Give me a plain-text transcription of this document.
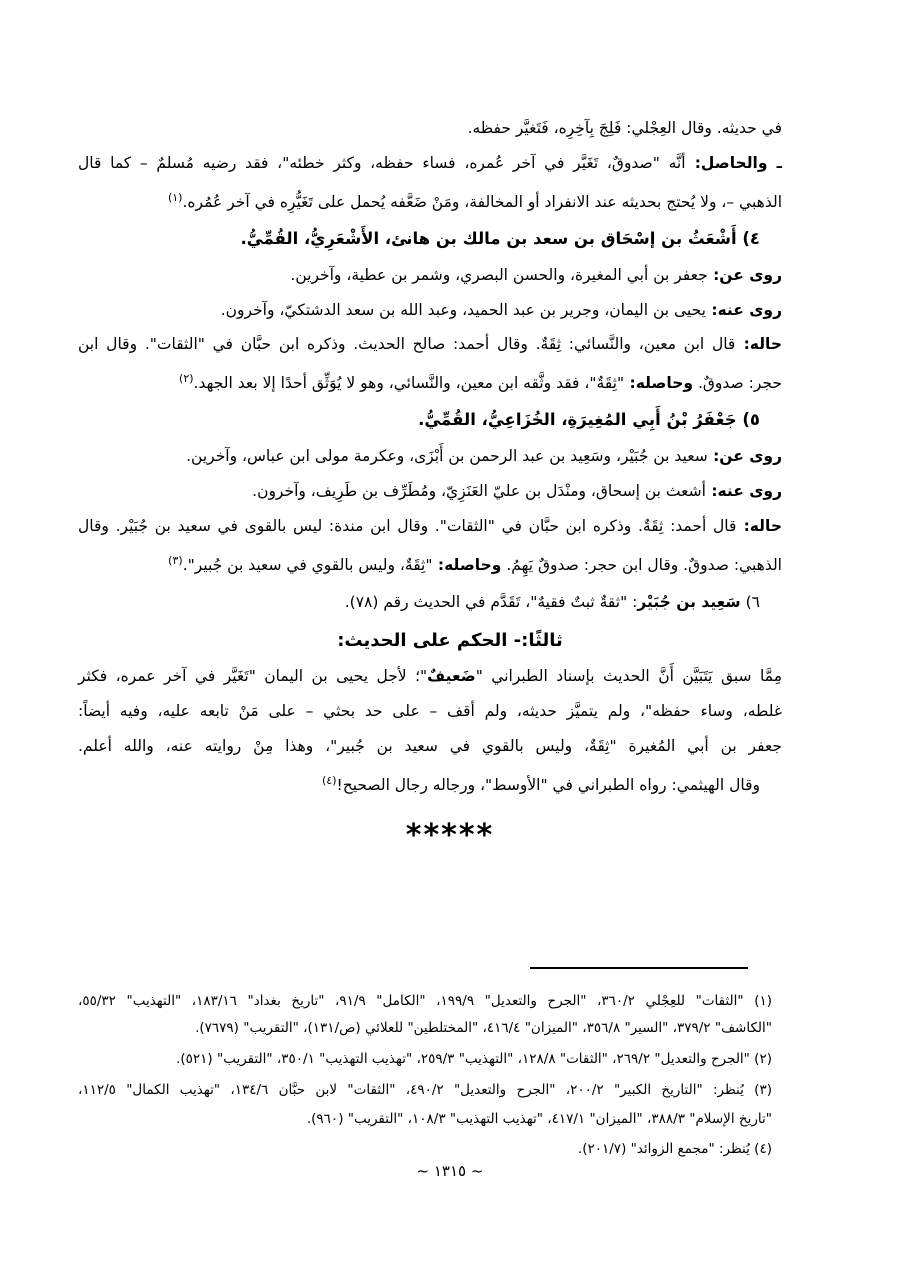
في حديثه. وقال العِجْلي: فَلِجَ بِآخِرِه، فَتَغيَّر حفظه.
ـ والحاصل: أنَّه "صدوقٌ، تَغَيَّر في آخر عُمره، فساء حفظه، وكثر خطئه"، فقد رضيه مُسلمٌ – كما قال
الذهبي –، ولا يُحتج بحديثه عند الانفراد أو المخالفة، ومَنْ ضَعَّفه يُحمل على تَغَيُّرِه في آخر عُمُره.$^{(١)}$
٤) أَشْعَثُ بن إسْحَاق بن سعد بن مالك بن هانئ، الأَشْعَرِيُّ، القُمِّيُّ.
روى عن: جعفر بن أبي المغيرة، والحسن البصري، وشمر بن عطية، وآخرين.
روى عنه: يحيى بن اليمان، وجرير بن عبد الحميد، وعبد الله بن سعد الدشتكيّ، وآخرون.
حاله: قال ابن معين، والنَّسائي: ثِقَةٌ. وقال أحمد: صالح الحديث. وذكره ابن حبَّان في "الثقات". وقال ابن
حجر: صدوقٌ. وحاصله: "ثِقَةٌ"، فقد وثَّقه ابن معين، والنَّسائي، وهو لا يُوَثِّق أحدًا إلا بعد الجهد.$^{(٢)}$
٥) جَعْفَرُ بْنُ أَبِي المُغِيرَةِ، الخُزَاعِيُّ، القُمِّيُّ.
روى عن: سعيد بن جُبَيْر، وسَعِيد بن عبد الرحمن بن أَبْزَى، وعكرمة مولى ابن عباس، وآخرين.
روى عنه: أشعث بن إسحاق، ومنْدَل بن عليّ العَنَزِيّ، ومُطَرِّف بن طَرِيف، وآخرون.
حاله: قال أحمد: ثِقَةٌ. وذكره ابن حبَّان في "الثقات". وقال ابن مندة: ليس بالقوى في سعيد بن جُبَيْر. وقال
الذهبي: صدوقٌ. وقال ابن حجر: صدوقٌ يَهِمُ. وحاصله: "ثِقَةٌ، وليس بالقوي في سعيد بن جُبير".$^{(٣)}$
٦) سَعِيد بن جُبَيْر: "ثقةٌ ثبتٌ فقيهٌ"، تَقَدَّم في الحديث رقم (٧٨).
ثالثًا:- الحكم على الحديث:
مِمَّا سبق يَتَبَيَّن أَنَّ الحديث بإسناد الطبراني "ضَعيفٌ"؛ لأجل يحيى بن اليمان "تَغَيَّر في آخر عمره، فكثر
غلطه، وساء حفظه"، ولم يتميَّز حديثه، ولم أقف – على حد بحثي – على مَنْ تابعه عليه، وفيه أيضاً:
جعفر بن أبي المُغيرة "ثِقَةٌ، وليس بالقوي في سعيد بن جُبير"، وهذا مِنْ روايته عنه، والله أعلم.
وقال الهيثمي: رواه الطبراني في "الأوسط"، ورجاله رجال الصحيح!$^{(٤)}$
*****
(١) "الثقات" للعِجْلي ٣٦٠/٢، "الجرح والتعديل" ١٩٩/٩، "الكامل" ٩١/٩، "تاريخ بغداد" ١٨٣/١٦، "التهذيب" ٥٥/٣٢،
"الكاشف" ٣٧٩/٢، "السير" ٣٥٦/٨، "الميزان" ٤١٦/٤، "المختلطين" للعلائي (ص/١٣١)، "التقريب" (٧٦٧٩).
(٢) "الجرح والتعديل" ٢٦٩/٢، "الثقات" ١٢٨/٨، "التهذيب" ٢٥٩/٣، "تهذيب التهذيب" ٣٥٠/١، "التقريب" (٥٢١).
(٣) يُنظر: "التاريخ الكبير" ٢٠٠/٢، "الجرح والتعديل" ٤٩٠/٢، "الثقات" لابن حبَّان ١٣٤/٦، "تهذيب الكمال" ١١٢/٥،
"تاريخ الإسلام" ٣٨٨/٣، "الميزان" ٤١٧/١، "تهذيب التهذيب" ١٠٨/٣، "التقريب" (٩٦٠).
(٤) يُنظر: "مجمع الزوائد" (٢٠١/٧).
~ ١٣١٥ ~
